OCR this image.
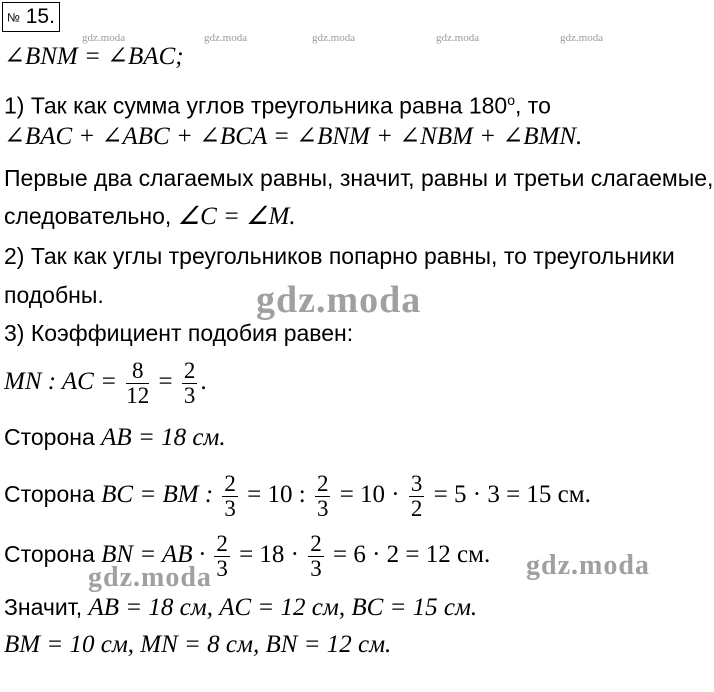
№ 15.
gdz.moda	gdz.moda	gdz.moda	gdz.moda	gdz.moda
∠BNM = ∠BAC;
1) Так как сумма углов треугольника равна 180$^o$, то
∠BAC + ∠ABC + ∠BCA = ∠BNM + ∠NBM + ∠BMN.
Первые два слагаемых равны, значит, равны и третьи слагаемые,
следовательно, ∠C = ∠M.
2) Так как углы треугольников попарно равны, то треугольники
подобны.	gdz.moda
3) Коэффициент подобия равен:
MN : AC = $\frac{8}{12} = \frac{2}{3}$ .
Сторона AB = 18 см.
Сторона BC = BM : $\frac{2}{3} = 10$ : $\frac{2}{3} = 10 \cdot \frac{3}{2} = 5 \cdot 3 = 15$ см.
Сторона BN = AB · $\frac{2}{3} = 18 \cdot \frac{2}{3} = 6 \cdot 2 = 12$ см.
gdz.moda	gdz.moda
Значит, AB = 18 см, AC = 12 см, BC = 15 см.
BM = 10 см, MN = 8 см, BN = 12 см.
